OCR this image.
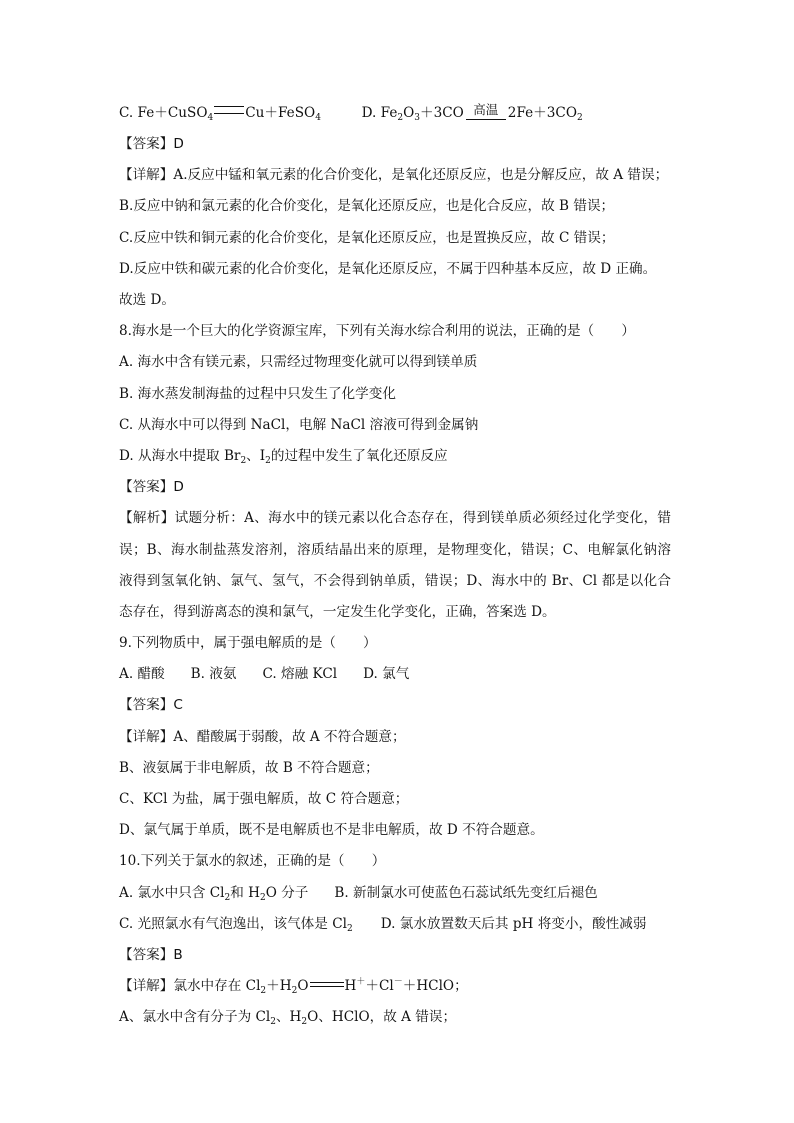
C. Fe＋CuSO$_4$ Cu＋FeSO$_4$	D. $Fe_2O_3+3CO$ 高温 $2Fe+3CO_2$
【答案】D
【详解】A.反应中锰和氧元素的化合价变化，是氧化还原反应，也是分解反应，故 A 错误；
B.反应中钠和氯元素的化合价变化，是氧化还原反应，也是化合反应，故 B 错误；
C.反应中铁和铜元素的化合价变化，是氧化还原反应，也是置换反应，故 C 错误；
D.反应中铁和碳元素的化合价变化，是氧化还原反应，不属于四种基本反应，故 D 正确。
故选 D。
8.海水是一个巨大的化学资源宝库，下列有关海水综合利用的说法，正确的是（　　）
A. 海水中含有镁元素，只需经过物理变化就可以得到镁单质
B. 海水蒸发制海盐的过程中只发生了化学变化
C. 从海水中可以得到 NaCl，电解 NaCl 溶液可得到金属钠
D. 从海水中提取 $Br_2$、$I_2$的过程中发生了氧化还原反应
【答案】D
【解析】试题分析：A、海水中的镁元素以化合态存在，得到镁单质必须经过化学变化，错
误；B、海水制盐蒸发溶剂，溶质结晶出来的原理，是物理变化，错误；C、电解氯化钠溶
液得到氢氧化钠、氯气、氢气，不会得到钠单质，错误；D、海水中的 Br、Cl 都是以化合
态存在，得到游离态的溴和氯气，一定发生化学变化，正确，答案选 D。
9.下列物质中，属于强电解质的是（　　）
A. 醋酸 B. 液氨 C. 熔融 KCl D. 氯气
【答案】C
【详解】A、醋酸属于弱酸，故 A 不符合题意；
B、液氨属于非电解质，故 B 不符合题意；
C、KCl 为盐，属于强电解质，故 C 符合题意；
D、氯气属于单质，既不是电解质也不是非电解质，故 D 不符合题意。
10.下列关于氯水的叙述，正确的是（　　）
A. 氯水中只含 $Cl_2$和 $H_2O$ 分子 B. 新制氯水可使蓝色石蕊试纸先变红后褪色
C. 光照氯水有气泡逸出，该气体是 $Cl_2$ D. 氯水放置数天后其 pH 将变小，酸性减弱
【答案】B
【详解】氯水中存在 $Cl_2+H_2O$	H＋＋Cl－＋HClO；
A、氯水中含有分子为 $Cl_2$、$H_2O$、HClO，故 A 错误；
